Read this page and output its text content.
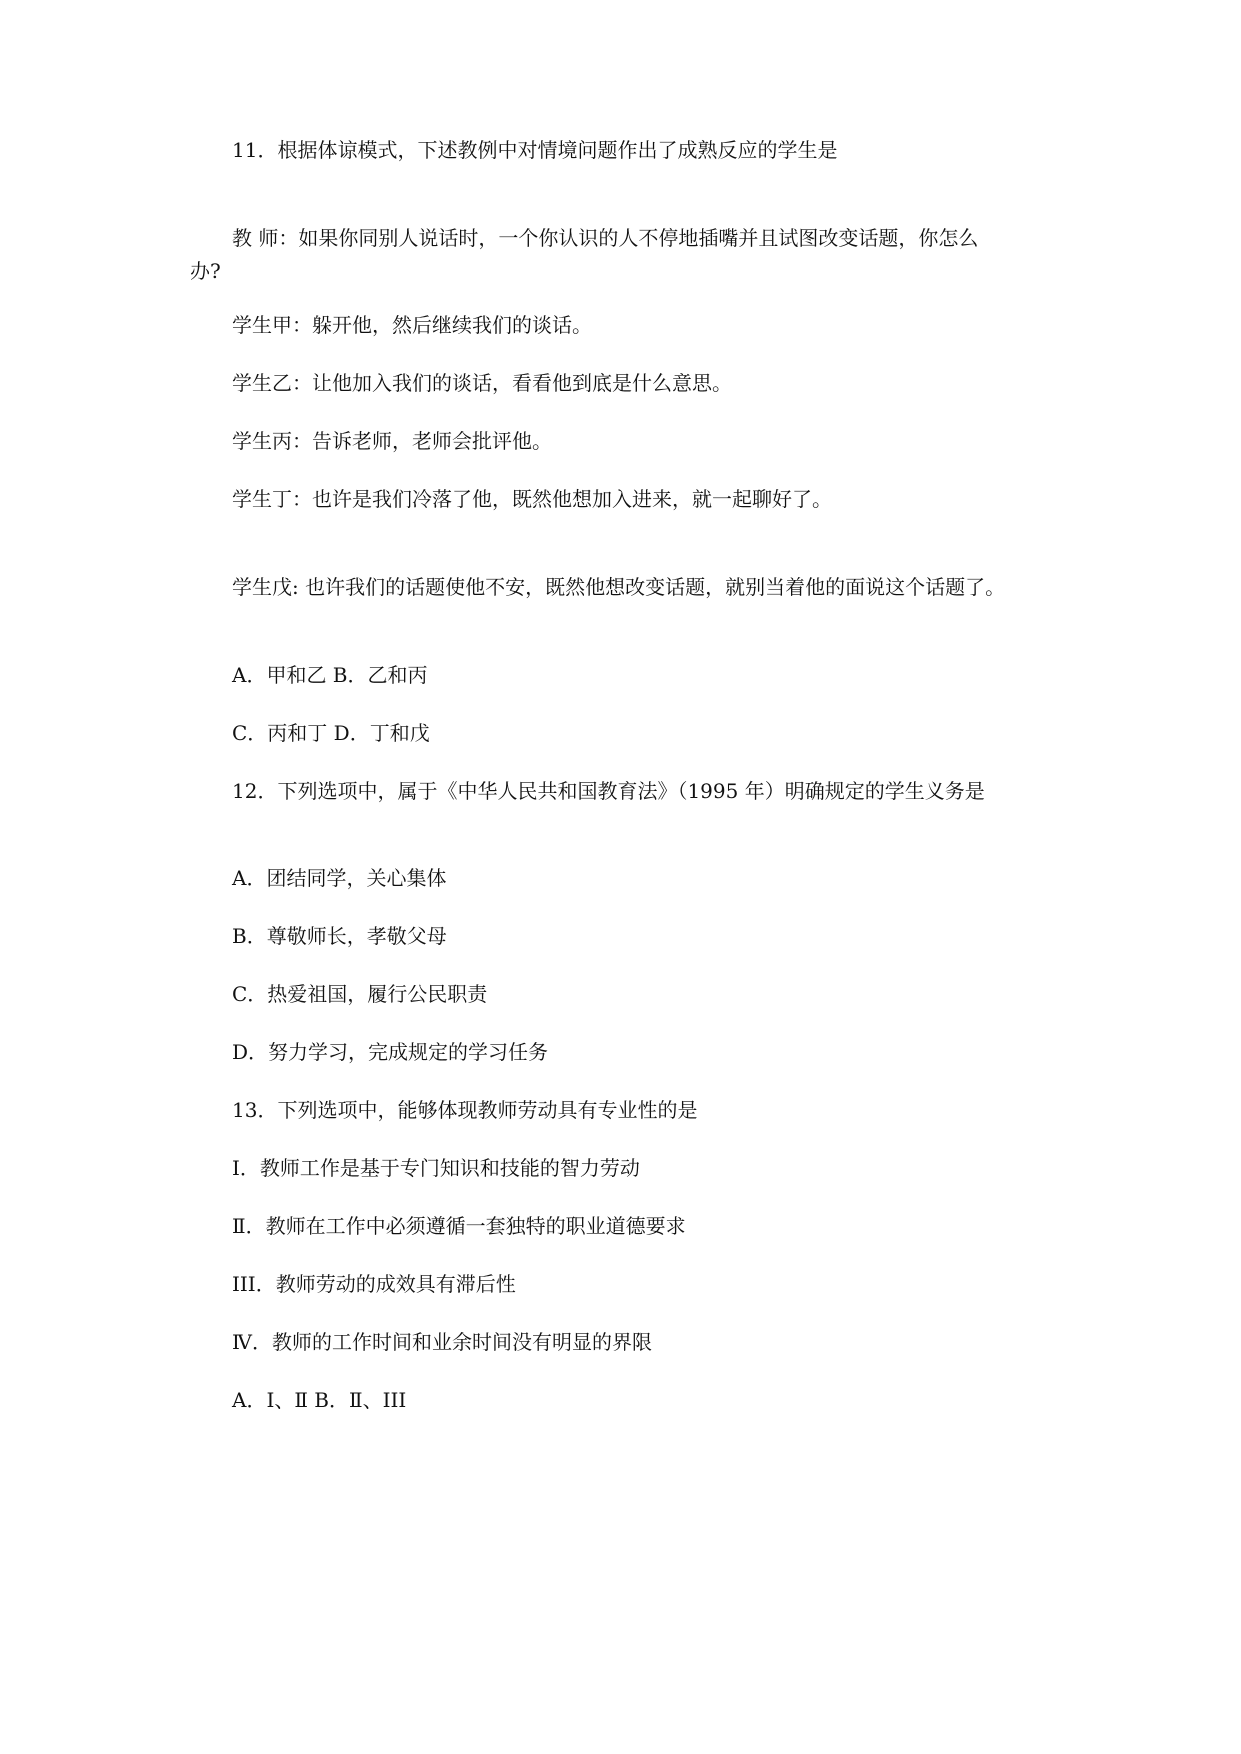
11．根据体谅模式，下述教例中对情境问题作出了成熟反应的学生是
教 师：如果你同别人说话时，一个你认识的人不停地插嘴并且试图改变话题，你怎么
办?
学生甲：躲开他，然后继续我们的谈话。
学生乙：让他加入我们的谈话，看看他到底是什么意思。
学生丙：告诉老师，老师会批评他。
学生丁：也许是我们冷落了他，既然他想加入进来，就一起聊好了。
学生戊: 也许我们的话题使他不安，既然他想改变话题，就别当着他的面说这个话题了。
A．甲和乙 B．乙和丙
C．丙和丁 D．丁和戊
12．下列选项中，属于《中华人民共和国教育法》（1995 年）明确规定的学生义务是
A．团结同学，关心集体
B．尊敬师长，孝敬父母
C．热爱祖国，履行公民职责
D．努力学习，完成规定的学习任务
13．下列选项中，能够体现教师劳动具有专业性的是
Ⅰ．教师工作是基于专门知识和技能的智力劳动
Ⅱ．教师在工作中必须遵循一套独特的职业道德要求
III．教师劳动的成效具有滞后性
Ⅳ．教师的工作时间和业余时间没有明显的界限
A．Ⅰ、Ⅱ B．Ⅱ、III
